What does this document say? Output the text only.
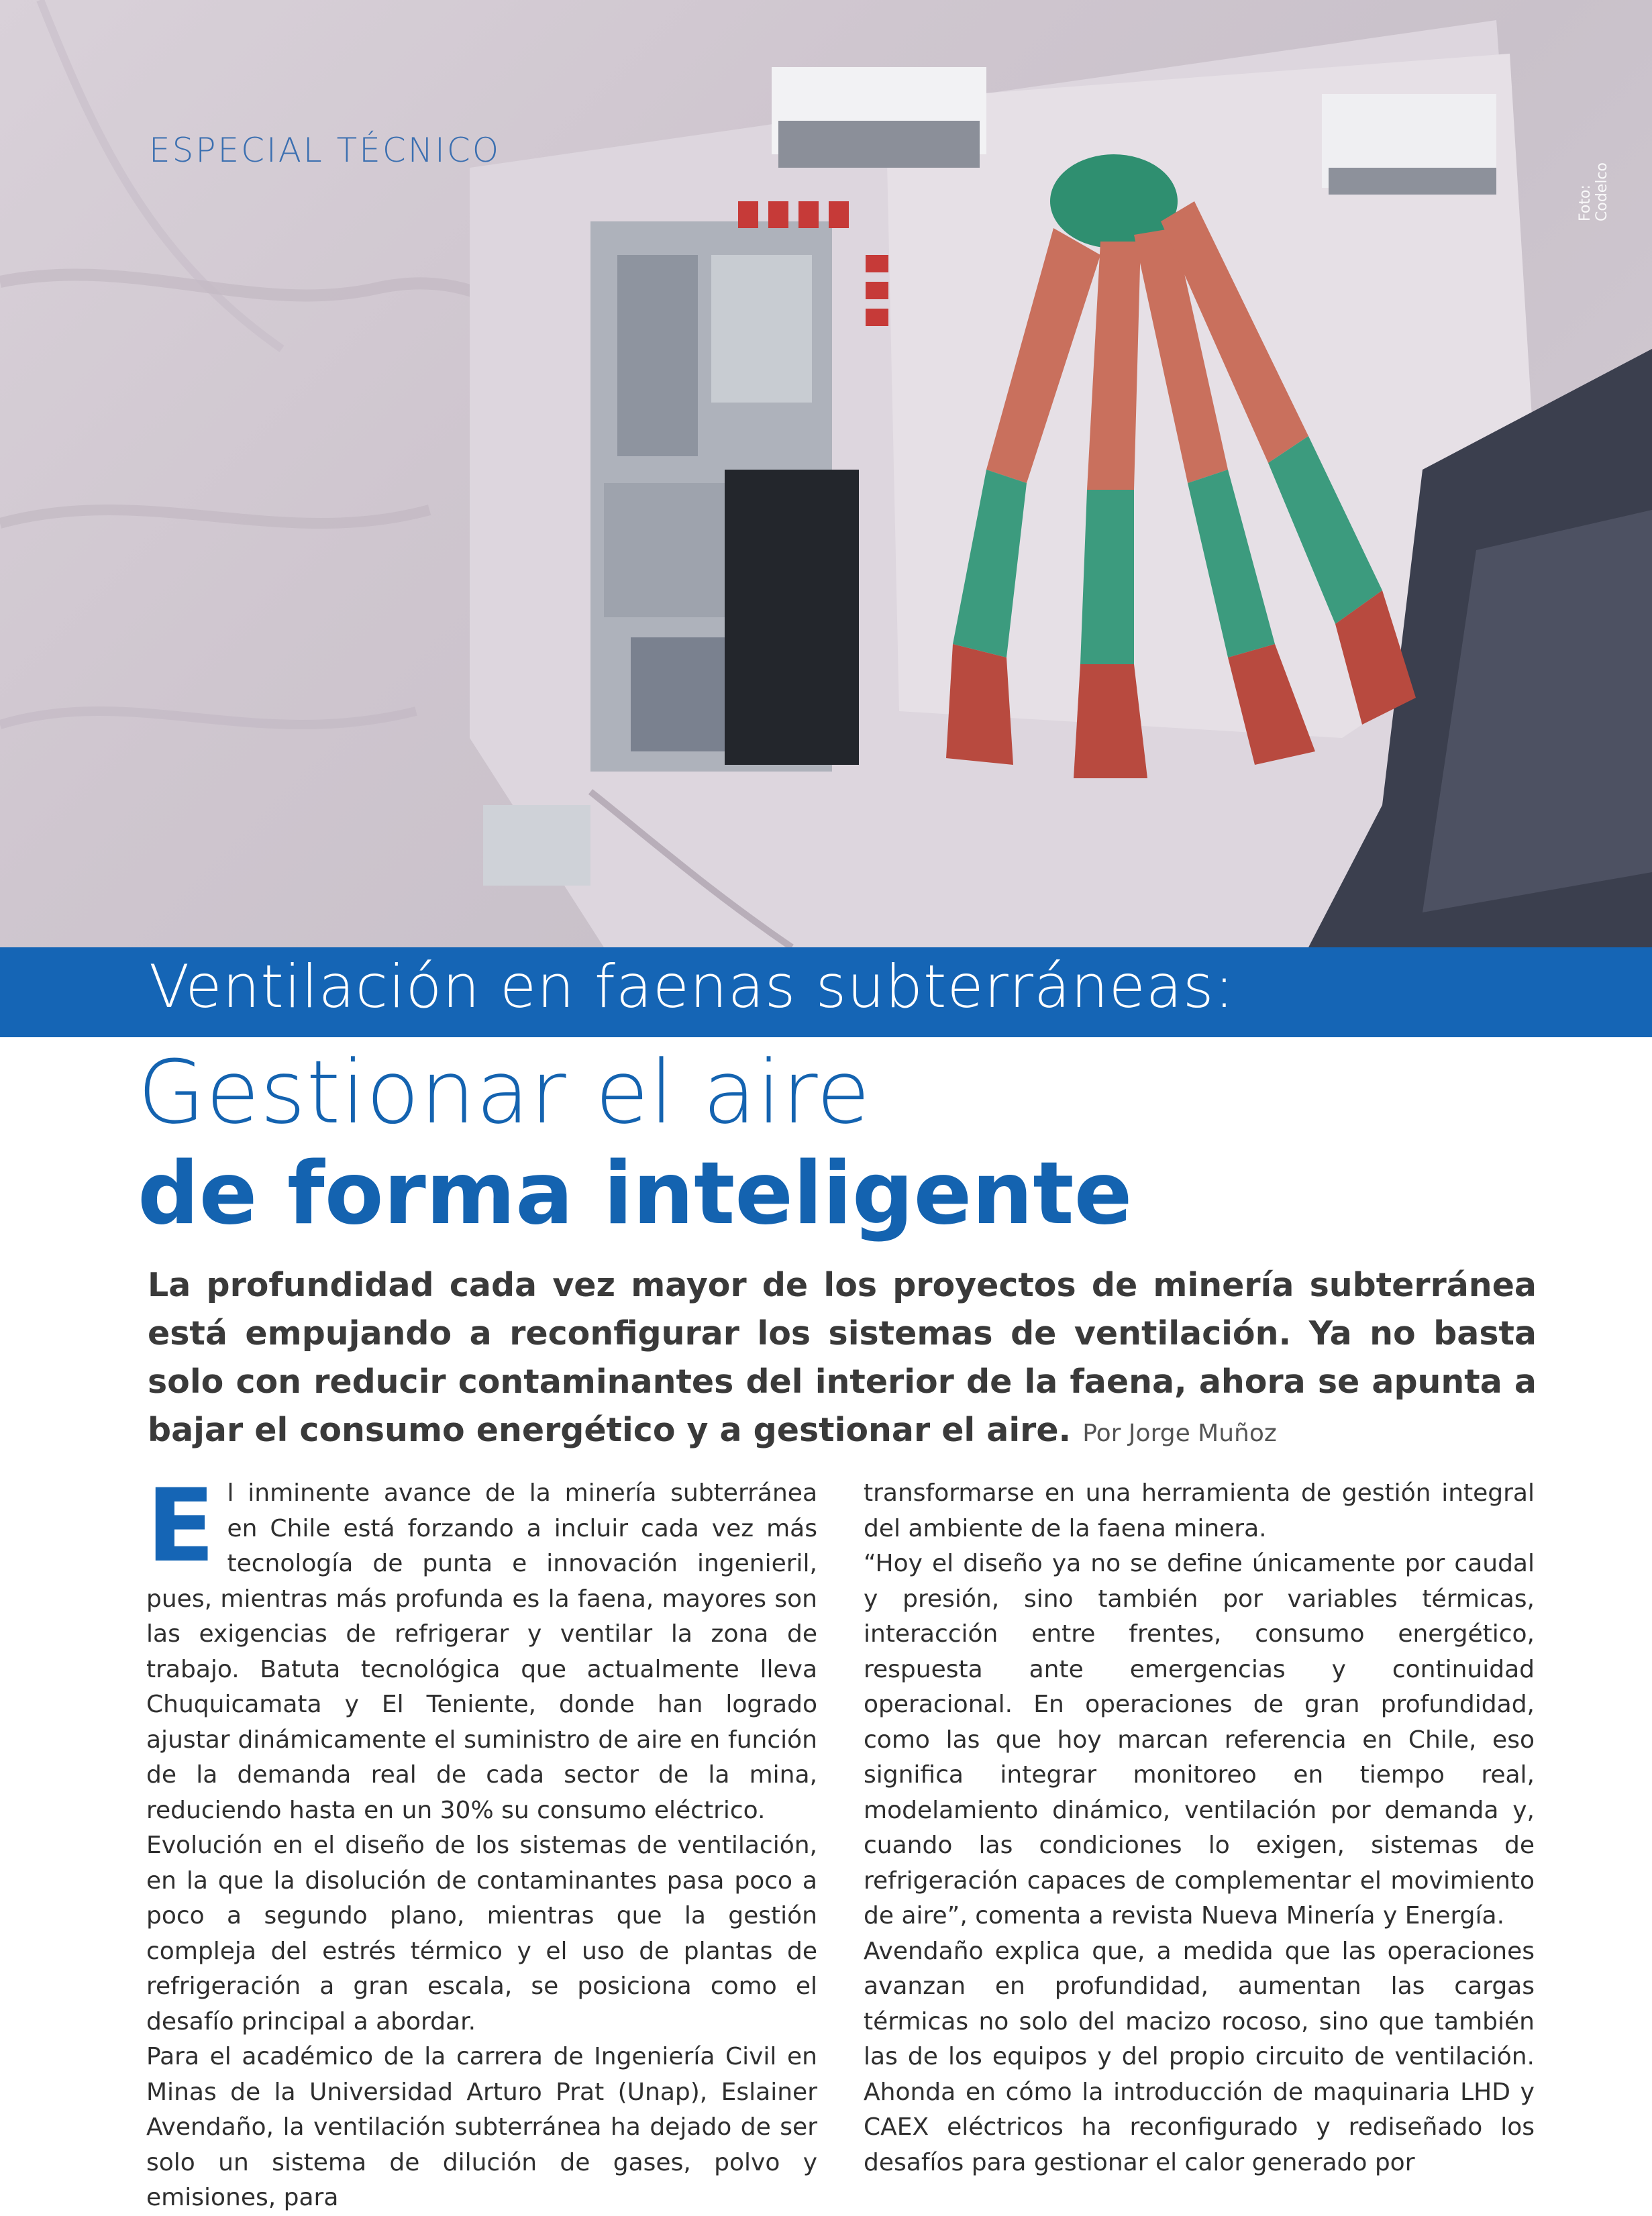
ESPECIAL TÉCNICO
Foto: Codelco
Ventilación en faenas subterráneas:
Gestionar el aire
de forma inteligente

La profundidad cada vez mayor de los proyectos de minería subterránea está empujando a reconfigurar los sistemas de ventilación. Ya no basta solo con reducir contaminantes del interior de la faena, ahora se apunta a bajar el consumo energético y a gestionar el aire. Por Jorge Muñoz

El inminente avance de la minería subterránea en Chile está forzando a incluir cada vez más tecnología de punta e innovación ingenieril, pues, mientras más profunda es la faena, mayores son las exigencias de refrigerar y ventilar la zona de trabajo. Batuta tecnológica que actualmente lleva Chuquicamata y El Teniente, donde han logrado ajustar dinámicamente el suministro de aire en función de la demanda real de cada sector de la mina, reduciendo hasta en un 30% su consumo eléctrico.

Evolución en el diseño de los sistemas de ventilación, en la que la disolución de contaminantes pasa poco a poco a segundo plano, mientras que la gestión compleja del estrés térmico y el uso de plantas de refrigeración a gran escala, se posiciona como el desafío principal a abordar.

Para el académico de la carrera de Ingeniería Civil en Minas de la Universidad Arturo Prat (Unap), Eslainer Avendaño, la ventilación subterránea ha dejado de ser solo un sistema de dilución de gases, polvo y emisiones, para

transformarse en una herramienta de gestión integral del ambiente de la faena minera.

“Hoy el diseño ya no se define únicamente por caudal y presión, sino también por variables térmicas, interacción entre frentes, consumo energético, respuesta ante emergencias y continuidad operacional. En operaciones de gran profundidad, como las que hoy marcan referencia en Chile, eso significa integrar monitoreo en tiempo real, modelamiento dinámico, ventilación por demanda y, cuando las condiciones lo exigen, sistemas de refrigeración capaces de complementar el movimiento de aire”, comenta a revista Nueva Minería y Energía.

Avendaño explica que, a medida que las operaciones avanzan en profundidad, aumentan las cargas térmicas no solo del macizo rocoso, sino que también las de los equipos y del propio circuito de ventilación. Ahonda en cómo la introducción de maquinaria LHD y CAEX eléctricos ha reconfigurado y rediseñado los desafíos para gestionar el calor generado por
